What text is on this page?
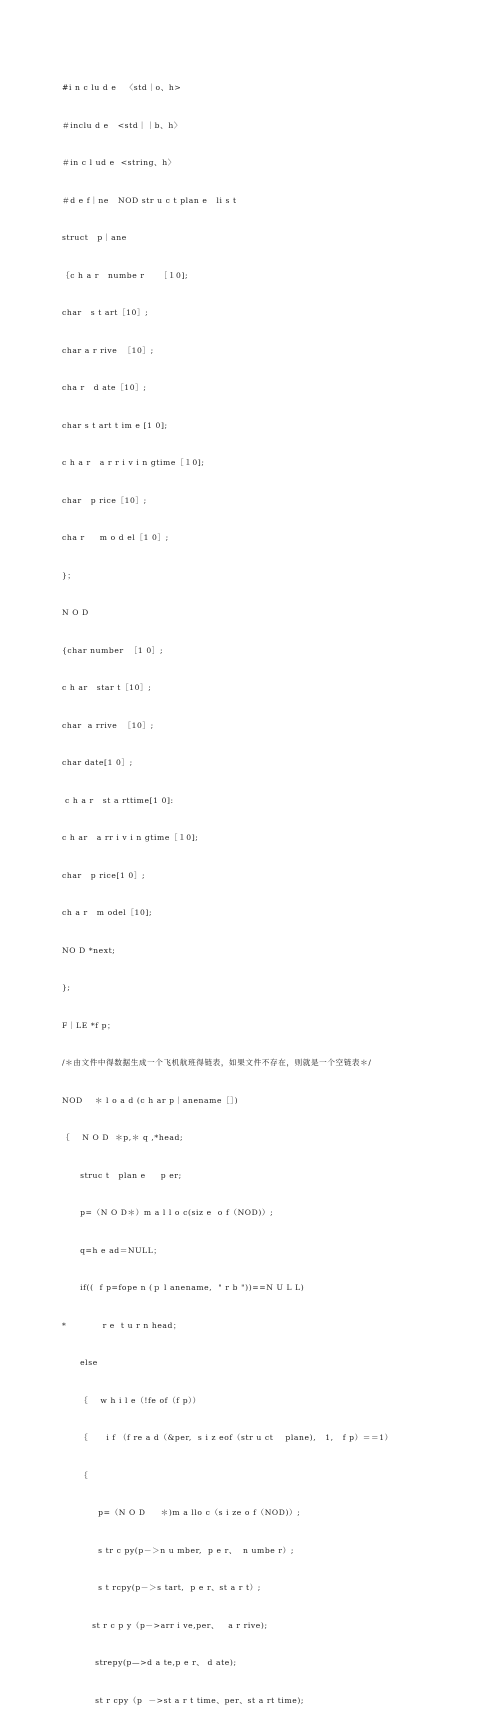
#i n c lu d e   〈std｜o、h>

＃inclu d e   <std｜｜b、h〉

＃in c l ud e  <string、h〉

＃d e f｜ne   NOD str u c t plan e   li s t

struct   p｜ane

｛c h a r   numbe r     ［１0];

char   s t art［10］;

char a r rive  ［10］;

cha r   d ate［10］;

char s t art t im e [1 0];

c h a r   a r r i v i n gtime［１0];

char   p rice［10］;

cha r     m o d el［1 0］;

}；

N O D

{char number  ［1 0］;

c h ar   star t［10］;

char  a rrive  ［10］;

char date[1 0］;

c h a r   st a rttime[1 0]:

c h ar   a rr i v i n gtime［１0];

char   p rice[1 0］;

ch a r   m odel［10];

NO D *next;

};

F｜LE *f p；

/＊由文件中得数据生成一个飞机航班得链表，如果文件不存在，则就是一个空链表＊/

NOD    ＊ l o a d (c h ar p｜anename［］)

｛    N O D  ＊p,＊ q ,*head;

struc t   plan e     p er;

p=（N O D＊）m a l l o c(siz e  o f（NOD)）;

q=h e ad＝NULL；

if((  f p=fope n (ｐ l anename,  " r b "))==N U L L)

*            r e  t u r n head；

else

｛    w h i l e（!fe of（f p））

｛      i f （f re a d（&per,  s i z eof（str u ct    plane),   1,   f p）＝＝1）

｛

p=（N O D     ＊)m a llo c（s i ze o f（NOD)）;

s tr c py(p－＞n u mber,  p e r、  n umbe r）;

s t rcpy(p－＞s tart,  p e r、st a r t）;

st r c p y（p－>arr i ve,per、   a r rive);

strepy(p—>d a te,p e r、 d ate);

st r cpy（p  －>st a r t time、per、st a rt time);
